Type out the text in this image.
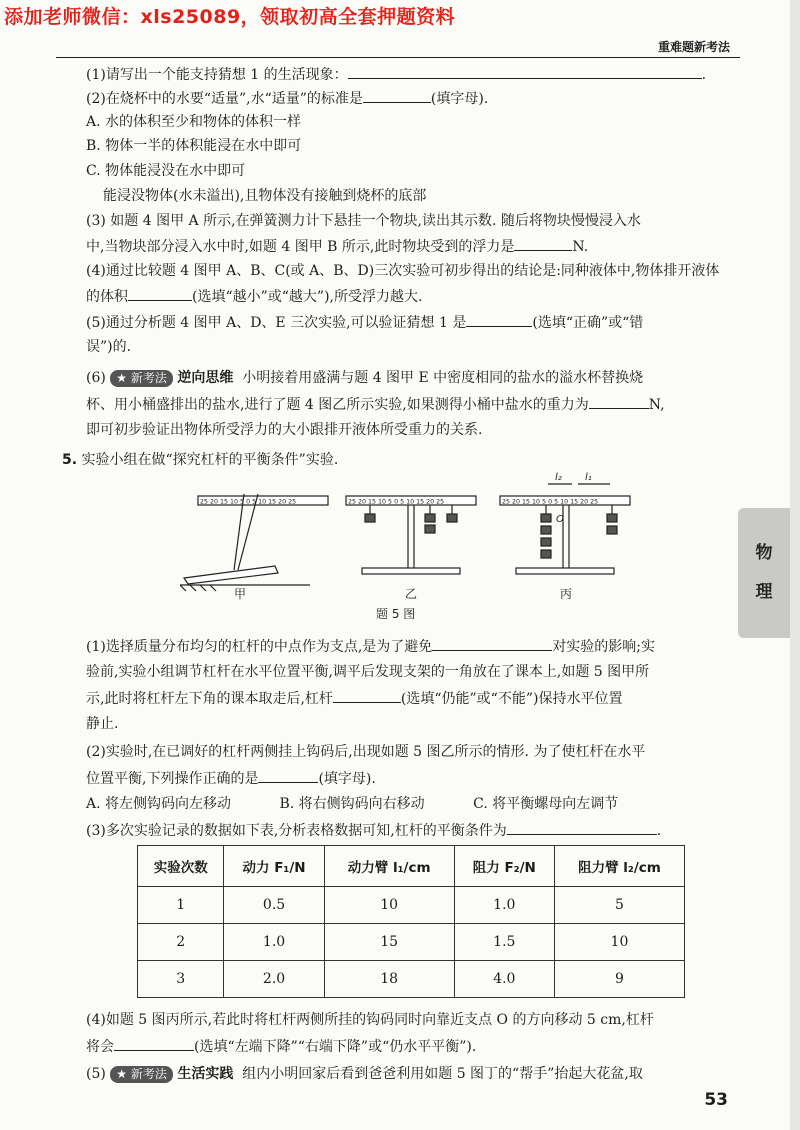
添加老师微信：xls25089，领取初高全套押题资料
重难题新考法
物
理
(1)请写出一个能支持猜想 1 的生活现象：	.
(2)在烧杯中的水要“适量”,水“适量”的标准是	(填字母).
A. 水的体积至少和物体的体积一样
B. 物体一半的体积能浸在水中即可
C. 物体能浸没在水中即可
能浸没物体(水未溢出),且物体没有接触到烧杯的底部
(3) 如题 4 图甲 A 所示,在弹簧测力计下悬挂一个物块,读出其示数. 随后将物块慢慢浸入水
中,当物块部分浸入水中时,如题 4 图甲 B 所示,此时物块受到的浮力是	N.
(4)通过比较题 4 图甲 A、B、C(或 A、B、D)三次实验可初步得出的结论是:同种液体中,物体排开液体
的体积	(选填“越小”或“越大”),所受浮力越大.
(5)通过分析题 4 图甲 A、D、E 三次实验,可以验证猜想 1 是	(选填“正确”或“错
误”)的.
(6) ★ 新考法 逆向思维 小明接着用盛满与题 4 图甲 E 中密度相同的盐水的溢水杯替换烧
杯、用小桶盛排出的盐水,进行了题 4 图乙所示实验,如果测得小桶中盐水的重力为	N,
即可初步验证出物体所受浮力的大小跟排开液体所受重力的关系.
5. 实验小组在做“探究杠杆的平衡条件”实验.
25 20 15 10 5 0 5 10 15 20 25	25 20 15 10 5 0 5 10 15 20 25
l₂ l₁
25 20 15 10 5 0 5 10 15 20 25
O
甲	乙	丙
题 5 图
(1)选择质量分布均匀的杠杆的中点作为支点,是为了避免	对实验的影响;实
验前,实验小组调节杠杆在水平位置平衡,调平后发现支架的一角放在了课本上,如题 5 图甲所
示,此时将杠杆左下角的课本取走后,杠杆	(选填“仍能”或“不能”)保持水平位置
静止.
(2)实验时,在已调好的杠杆两侧挂上钩码后,出现如题 5 图乙所示的情形. 为了使杠杆在水平
位置平衡,下列操作正确的是	(填字母).
A. 将左侧钩码向左移动	B. 将右侧钩码向右移动	C. 将平衡螺母向左调节
(3)多次实验记录的数据如下表,分析表格数据可知,杠杆的平衡条件为	.
实验次数	动力 F₁/N	动力臂 l₁/cm	阻力 F₂/N	阻力臂 l₂/cm
1	0.5	10	1.0	5
2	1.0	15	1.5	10
3	2.0	18	4.0	9
(4)如题 5 图丙所示,若此时将杠杆两侧所挂的钩码同时向靠近支点 O 的方向移动 5 cm,杠杆
将会	(选填“左端下降”“右端下降”或“仍水平平衡”).
(5) ★ 新考法 生活实践 组内小明回家后看到爸爸利用如题 5 图丁的“帮手”抬起大花盆,取
53
